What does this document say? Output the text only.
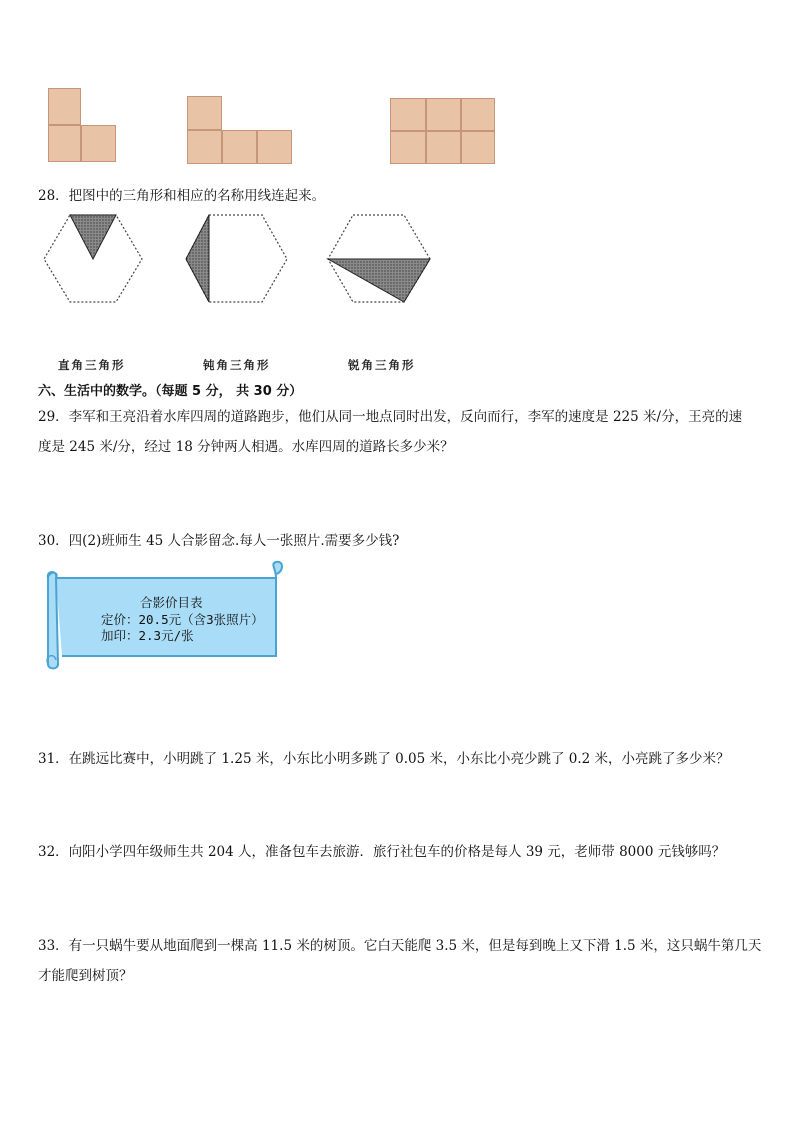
28．把图中的三角形和相应的名称用线连起来。
直角三角形	钝角三角形	锐角三角形
六、生活中的数学。（每题 5 分， 共 30 分）
29．李军和王亮沿着水库四周的道路跑步，他们从同一地点同时出发，反向而行，李军的速度是 225 米/分，王亮的速
度是 245 米/分，经过 18 分钟两人相遇。水库四周的道路长多少米？
30．四(2)班师生 45 人合影留念.每人一张照片.需要多少钱?
合影价目表
定价：20.5元（含3张照片）
加印：2.3元/张
31．在跳远比赛中，小明跳了 1.25 米，小东比小明多跳了 0.05 米，小东比小亮少跳了 0.2 米，小亮跳了多少米？
32．向阳小学四年级师生共 204 人，准备包车去旅游．旅行社包车的价格是每人 39 元，老师带 8000 元钱够吗？
33．有一只蜗牛要从地面爬到一棵高 11.5 米的树顶。它白天能爬 3.5 米，但是每到晚上又下滑 1.5 米，这只蜗牛第几天
才能爬到树顶？
